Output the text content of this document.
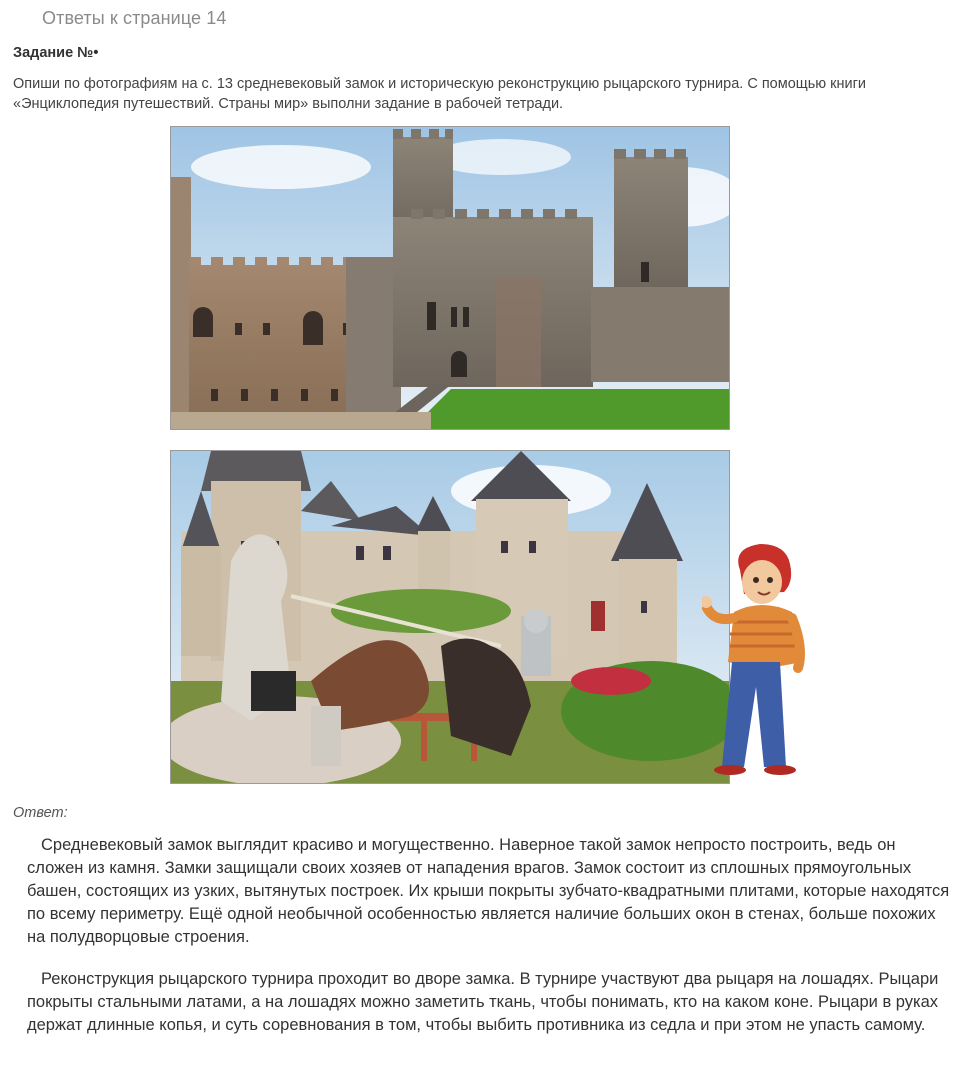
Ответы к странице 14
Задание №•
Опиши по фотографиям на с. 13 средневековый замок и историческую реконструкцию рыцарского турнира. С помощью книги «Энциклопедия путешествий. Страны мир» выполни задание в рабочей тетради.
Ответ:
Средневековый замок выглядит красиво и могущественно. Наверное такой замок непросто построить, ведь он сложен из камня. Замки защищали своих хозяев от нападения врагов. Замок состоит из сплошных прямоугольных башен, состоящих из узких, вытянутых построек. Их крыши покрыты зубчато-квадратными плитами, которые находятся по всему периметру. Ещё одной необычной особенностью является наличие больших окон в стенах, больше похожих на полудворцовые строения.
Реконструкция рыцарского турнира проходит во дворе замка. В турнире участвуют два рыцаря на лошадях. Рыцари покрыты стальными латами, а на лошадях можно заметить ткань, чтобы понимать, кто на каком коне. Рыцари в руках держат длинные копья, и суть соревнования в том, чтобы выбить противника из седла и при этом не упасть самому.
